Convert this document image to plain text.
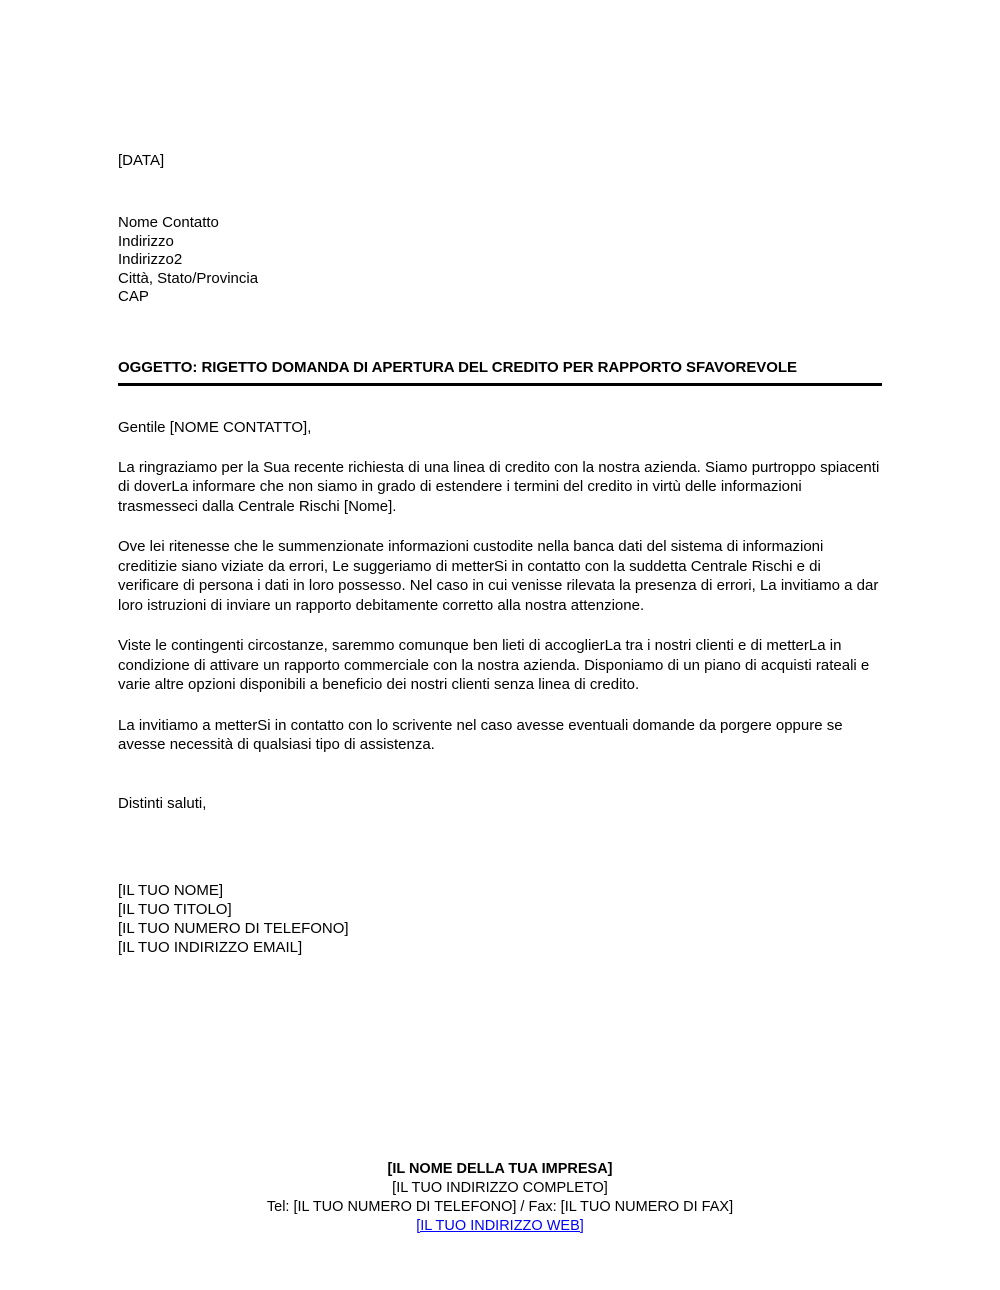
[DATA]
Nome Contatto
Indirizzo
Indirizzo2
Città, Stato/Provincia
CAP
OGGETTO: RIGETTO DOMANDA DI APERTURA DEL CREDITO PER RAPPORTO SFAVOREVOLE
Gentile [NOME CONTATTO],
La ringraziamo per la Sua recente richiesta di una linea di credito con la nostra azienda. Siamo purtroppo spiacenti di doverLa informare che non siamo in grado di estendere i termini del credito in virtù delle informazioni trasmesseci dalla Centrale Rischi [Nome].
Ove lei ritenesse che le summenzionate informazioni custodite nella banca dati del sistema di informazioni creditizie siano viziate da errori, Le suggeriamo di metterSi in contatto con la suddetta Centrale Rischi e di verificare di persona i dati in loro possesso. Nel caso in cui venisse rilevata la presenza di errori, La invitiamo a dar loro istruzioni di inviare un rapporto debitamente corretto alla nostra attenzione.
Viste le contingenti circostanze, saremmo comunque ben lieti di accoglierLa tra i nostri clienti e di metterLa in condizione di attivare un rapporto commerciale con la nostra azienda. Disponiamo di un piano di acquisti rateali e varie altre opzioni disponibili a beneficio dei nostri clienti senza linea di credito.
La invitiamo a metterSi in contatto con lo scrivente nel caso avesse eventuali domande da porgere oppure se avesse necessità di qualsiasi tipo di assistenza.
Distinti saluti,
[IL TUO NOME]
[IL TUO TITOLO]
[IL TUO NUMERO DI TELEFONO]
[IL TUO INDIRIZZO EMAIL]
[IL NOME DELLA TUA IMPRESA]
[IL TUO INDIRIZZO COMPLETO]
Tel: [IL TUO NUMERO DI TELEFONO] / Fax: [IL TUO NUMERO DI FAX]
[IL TUO INDIRIZZO WEB]
